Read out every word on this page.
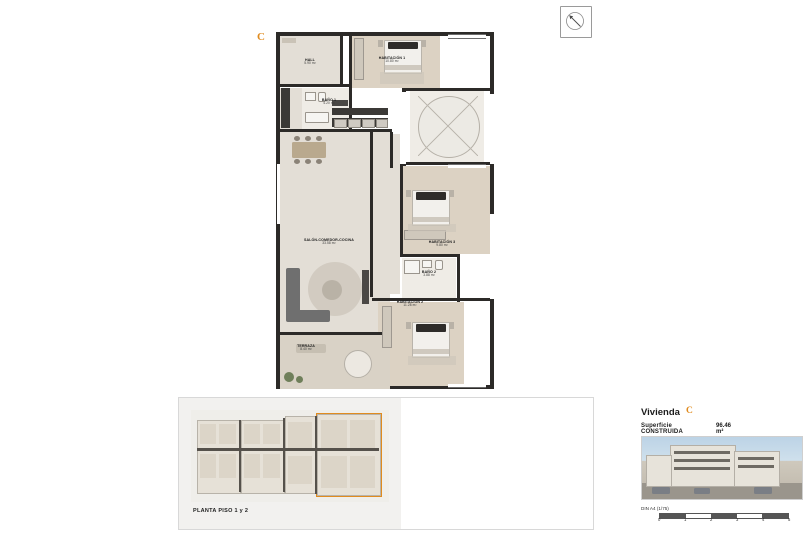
C
HALL
5.90 m²
HABITACIÓN 1
10.80 m²
BAÑO 1
4.20 m²
SALÓN-COMEDOR-COCINA
33.58 m²	HABITACIÓN 3
9.80 m²
BAÑO 2
3.88 m²
HABITACIÓN 2
11.28 m²
TERRAZA
8.40 m²
PLANTA PISO 1 y 2
Vivienda C
Superficie CONSTRUIDA
96.46 m²
DIN A4 (1/75)
0	1	2	3	4	5
